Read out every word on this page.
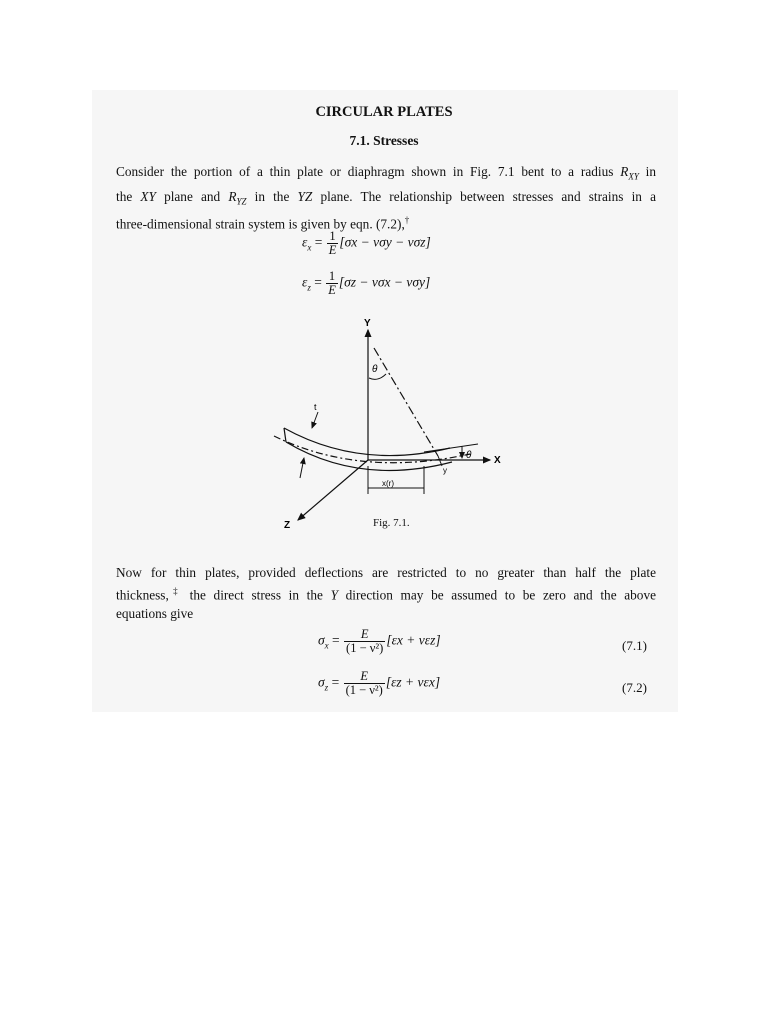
CIRCULAR PLATES
7.1. Stresses
Consider the portion of a thin plate or diaphragm shown in Fig. 7.1 bent to a radius $R_{XY}$ in
the XY plane and $R_{YZ}$ in the YZ plane. The relationship between stresses and strains in a
three-dimensional strain system is given by eqn. (7.2),†
$\varepsilon_x = \frac{1}{E} [\sigma x - \nu\sigma y - \nu\sigma z]$
$\varepsilon_z = \frac{1}{E} [\sigma z - \nu\sigma x - \nu\sigma y]$
Y
X
Z
θ
θ
t
y
x(r)
Fig. 7.1.
Now for thin plates, provided deflections are restricted to no greater than half the plate
thickness,‡ the direct stress in the Y direction may be assumed to be zero and the above
equations give
$\sigma_x = \frac{E}{\text{(1 − ν²)}} [\varepsilon x + \nu\varepsilon z]$	(7.1)
$\sigma_z = \frac{E}{\text{(1 − ν²)}} [\varepsilon z + \nu\varepsilon x]$	(7.2)
